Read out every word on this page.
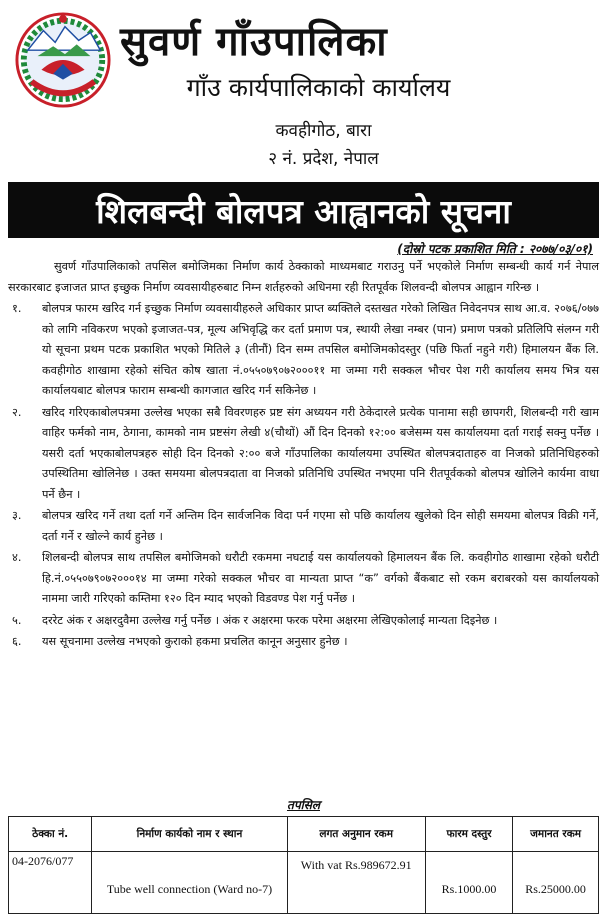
सुवर्ण गाँउपालिका
गाँउ कार्यपालिकाको कार्यालय
कवहीगोठ, बारा
२ नं. प्रदेश, नेपाल
शिलबन्दी बोलपत्र आह्वानको सूचना
(दोस्रो पटक प्रकाशित मिति : २०७७/०३/०१)

सुवर्ण गाँउपालिकाको तपसिल बमोजिमका निर्माण कार्य ठेक्काको माध्यमबाट गराउनु पर्ने भएकोले निर्माण सम्बन्धी कार्य गर्न नेपाल सरकारबाट इजाजत प्राप्त इच्छुक निर्माण व्यवसायीहरुबाट निम्न शर्तहरुको अधिनमा रही रितपूर्वक शिलवन्दी बोलपत्र आह्वान गरिन्छ ।

१. बोलपत्र फारम खरिद गर्न इच्छुक निर्माण व्यवसायीहरुले अधिकार प्राप्त ब्यक्तिले दस्तखत गरेको लिखित निवेदनपत्र साथ आ.व. २०७६/०७७ को लागि नविकरण भएको इजाजत-पत्र, मूल्य अभिवृद्धि कर दर्ता प्रमाण पत्र, स्थायी लेखा नम्बर (पान) प्रमाण पत्रको प्रतिलिपि संलग्न गरी यो सूचना प्रथम पटक प्रकाशित भएको मितिले ३ (तीनौं) दिन सम्म तपसिल बमोजिमकोदस्तुर (पछि फिर्ता नहुने गरी) हिमालयन बैंक लि. कवहीगोठ शाखामा रहेको संचित कोष खाता नं.०५५०७९०७२०००११ मा जम्मा गरी सक्कल भौचर पेश गरी कार्यालय समय भित्र यस कार्यालयबाट बोलपत्र फाराम सम्बन्धी कागजात खरिद गर्न सकिनेछ ।
२. खरिद गरिएकाबोलपत्रमा उल्लेख भएका सबै विवरणहरु प्रष्ट संग अध्ययन गरी ठेकेदारले प्रत्येक पानामा सही छापगरी, शिलबन्दी गरी खाम वाहिर फर्मको नाम, ठेगाना, कामको नाम प्रष्टसंग लेखी ४(चौथों) औं दिन दिनको १२:०० बजेसम्म यस कार्यालयमा दर्ता गराई सक्नु पर्नेछ । यसरी दर्ता भएकाबोलपत्रहरु सोही दिन दिनको २:०० बजे गाँउपालिका कार्यालयमा उपस्थित बोलपत्रदाताहरु वा निजको प्रतिनिधिहरुको उपस्थितिमा खोलिनेछ । उक्त समयमा बोलपत्रदाता वा निजको प्रतिनिधि उपस्थित नभएमा पनि रीतपूर्वकको बोलपत्र खोलिने कार्यमा वाधा पर्ने छैन ।
३. बोलपत्र खरिद गर्ने तथा दर्ता गर्ने अन्तिम दिन सार्वजनिक विदा पर्न गएमा सो पछि कार्यालय खुलेको दिन सोही समयमा बोलपत्र विक्री गर्ने, दर्ता गर्ने र खोल्ने कार्य हुनेछ ।
४. शिलबन्दी बोलपत्र साथ तपसिल बमोजिमको धरौटी रकममा नघटाई यस कार्यालयको हिमालयन बैंक लि. कवहीगोठ शाखामा रहेको धरौटी हि.नं.०५५०७९०७२०००१४ मा जम्मा गरेको सक्कल भौचर वा मान्यता प्राप्त “क” वर्गको बैंकबाट सो रकम बराबरको यस कार्यालयको नाममा जारी गरिएको कम्तिमा १२० दिन म्याद भएको विडवण्ड पेश गर्नु पर्नेछ ।
५. दररेट अंक र अक्षरदुवैमा उल्लेख गर्नु पर्नेछ । अंक र अक्षरमा फरक परेमा अक्षरमा लेखिएकोलाई मान्यता दिइनेछ ।
६. यस सूचनामा उल्लेख नभएको कुराको हकमा प्रचलित कानून अनुसार हुनेछ ।
तपसिल
ठेक्का नं.	निर्माण कार्यको नाम र स्थान	लगत अनुमान रकम	फारम दस्तुर	जमानत रकम
04-2076/077	Tube well connection (Ward no-7)	With vat Rs.989672.91	Rs.1000.00	Rs.25000.00
